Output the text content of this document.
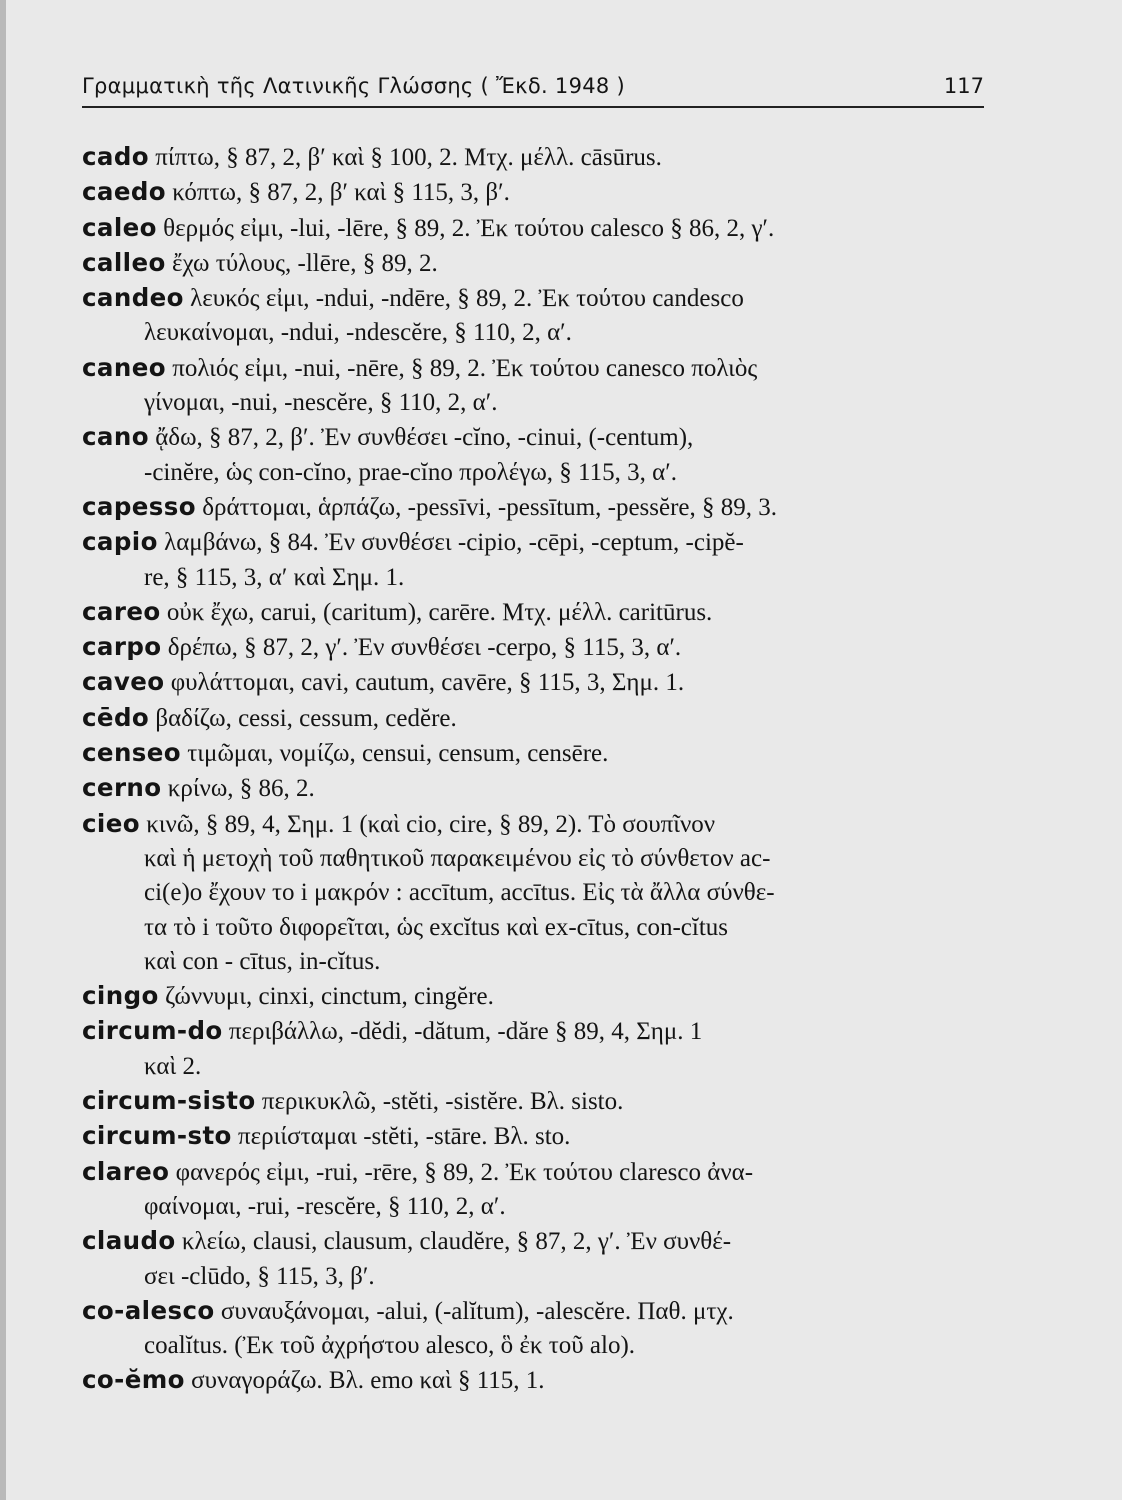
Γραμματικὴ τῆς Λατινικῆς Γλώσσης ( Ἔκδ. 1948 )	117

cado πίπτω, § 87, 2, β′ καὶ § 100, 2. Μτχ. μέλλ. cāsūrus.

caedo κόπτω, § 87, 2, β′ καὶ § 115, 3, β′.

caleo θερμός εἰμι, -lui, -lēre, § 89, 2. Ἐκ τούτου calesco § 86, 2, γ′.

calleo ἔχω τύλους, -llēre, § 89, 2.

candeo λευκός εἰμι, -ndui, -ndēre, § 89, 2. Ἐκ τούτου candesco
λευκαίνομαι, -ndui, -ndescĕre, § 110, 2, α′.

caneo πολιός εἰμι, -nui, -nēre, § 89, 2. Ἐκ τούτου canesco πολιὸς
γίνομαι, -nui, -nescĕre, § 110, 2, α′.

cano ᾄδω, § 87, 2, β′. Ἐν συνθέσει -cĭno, -cinui, (-centum),
-cinĕre, ὡς con-cĭno, prae-cĭno προλέγω, § 115, 3, α′.

capesso δράττομαι, ἁρπάζω, -pessīvi, -pessītum, -pessĕre, § 89, 3.

capio λαμβάνω, § 84. Ἐν συνθέσει -cipio, -cēpi, -ceptum, -cipĕ-
re, § 115, 3, α′ καὶ Σημ. 1.

careo οὐκ ἔχω, carui, (caritum), carēre. Μτχ. μέλλ. caritūrus.

carpo δρέπω, § 87, 2, γ′. Ἐν συνθέσει -cerpo, § 115, 3, α′.

caveo φυλάττομαι, cavi, cautum, cavēre, § 115, 3, Σημ. 1.

cēdo βαδίζω, cessi, cessum, cedĕre.

censeo τιμῶμαι, νομίζω, censui, censum, censēre.

cerno κρίνω, § 86, 2.

cieo κινῶ, § 89, 4, Σημ. 1 (καὶ cio, cire, § 89, 2). Τὸ σουπῖνον
καὶ ἡ μετοχὴ τοῦ παθητικοῦ παρακειμένου εἰς τὸ σύνθετον ac-
ci(e)o ἔχουν το i μακρόν : accītum, accītus. Εἰς τὰ ἄλλα σύνθε-
τα τὸ i τοῦτο διφορεῖται, ὡς excĭtus καὶ ex-cītus, con-cĭtus
καὶ con - cītus, in-cĭtus.

cingo ζώννυμι, cinxi, cinctum, cingĕre.

circum-do περιβάλλω, -dĕdi, -dătum, -dăre § 89, 4, Σημ. 1
καὶ 2.

circum-sisto περικυκλῶ, -stĕti, -sistĕre. Βλ. sisto.

circum-sto περιίσταμαι -stĕti, -stāre. Βλ. sto.

clareo φανερός εἰμι, -rui, -rēre, § 89, 2. Ἐκ τούτου claresco ἀνα-
φαίνομαι, -rui, -rescĕre, § 110, 2, α′.

claudo κλείω, clausi, clausum, claudĕre, § 87, 2, γ′. Ἐν συνθέ-
σει -clūdo, § 115, 3, β′.

co-alesco συναυξάνομαι, -alui, (-alĭtum), -alescĕre. Παθ. μτχ.
coalĭtus. (Ἐκ τοῦ ἀχρήστου alesco, ὃ ἐκ τοῦ alo).

co-ĕmo συναγοράζω. Βλ. emo καὶ § 115, 1.
